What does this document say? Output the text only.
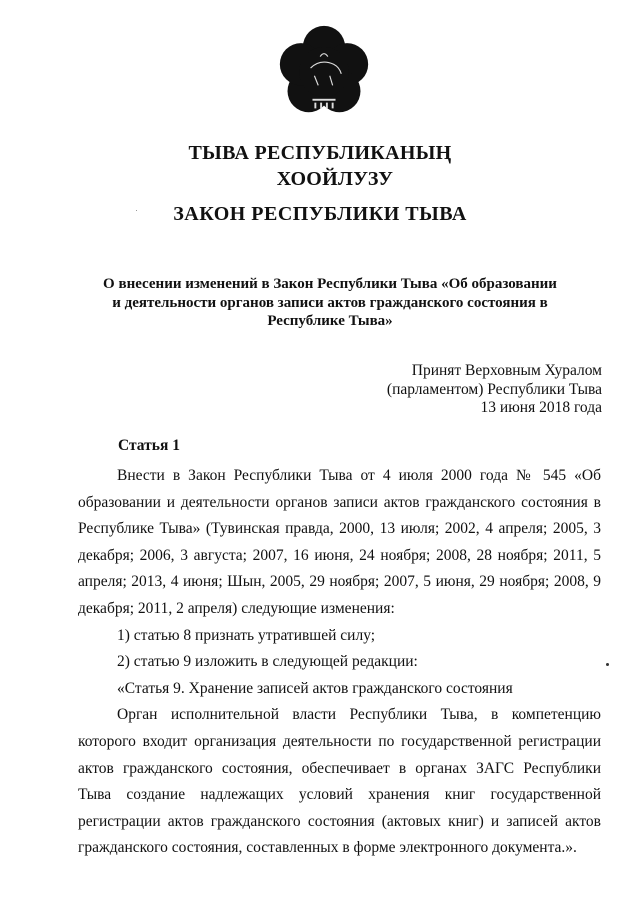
ТЫВА РЕСПУБЛИКАНЫҢ
ХООЙЛУЗУ
ЗАКОН РЕСПУБЛИКИ ТЫВА
О внесении изменений в Закон Республики Тыва «Об образовании
и деятельности органов записи актов гражданского состояния в
Республике Тыва»
Принят Верховным Хуралом
(парламентом) Республики Тыва
13 июня 2018 года
Статья 1

Внести в Закон Республики Тыва от 4 июля 2000 года № 545 «Об образовании и деятельности органов записи актов гражданского состояния в Республике Тыва» (Тувинская правда, 2000, 13 июля; 2002, 4 апреля; 2005, 3 декабря; 2006, 3 августа; 2007, 16 июня, 24 ноября; 2008, 28 ноября; 2011, 5 апреля; 2013, 4 июня; Шын, 2005, 29 ноября; 2007, 5 июня, 29 ноября; 2008, 9 декабря; 2011, 2 апреля) следующие изменения:

1) статью 8 признать утратившей силу;

2) статью 9 изложить в следующей редакции:

«Статья 9. Хранение записей актов гражданского состояния

Орган исполнительной власти Республики Тыва, в компетенцию которого входит организация деятельности по государственной регистрации актов гражданского состояния, обеспечивает в органах ЗАГС Республики Тыва создание надлежащих условий хранения книг государственной регистрации актов гражданского состояния (актовых книг) и записей актов гражданского состояния, составленных в форме электронного документа.».
